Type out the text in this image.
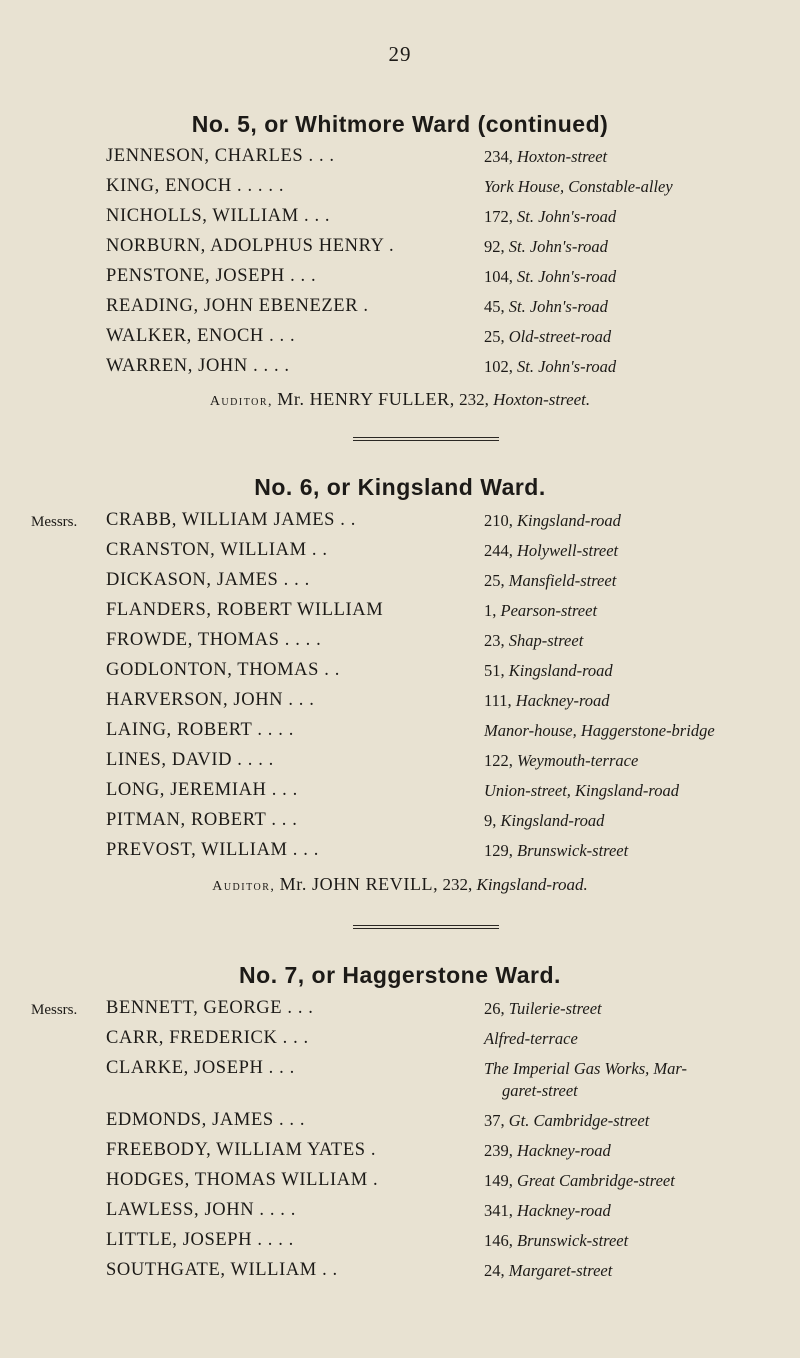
29
No. 5, or Whitmore Ward (continued)
JENNESON, CHARLES . . .	234, Hoxton-street
KING, ENOCH . . . . .	York House, Constable-alley
NICHOLLS, WILLIAM . . .	172, St. John's-road
NORBURN, ADOLPHUS HENRY .	92, St. John's-road
PENSTONE, JOSEPH . . .	104, St. John's-road
READING, JOHN EBENEZER .	45, St. John's-road
WALKER, ENOCH . . .	25, Old-street-road
WARREN, JOHN . . . .	102, St. John's-road
Auditor, Mr. HENRY FULLER, 232, Hoxton-street.
No. 6, or Kingsland Ward.
Messrs. CRABB, WILLIAM JAMES . .	210, Kingsland-road
CRANSTON, WILLIAM . .	244, Holywell-street
DICKASON, JAMES . . .	25, Mansfield-street
FLANDERS, ROBERT WILLIAM	1, Pearson-street
FROWDE, THOMAS . . . .	23, Shap-street
GODLONTON, THOMAS . .	51, Kingsland-road
HARVERSON, JOHN . . .	111, Hackney-road
LAING, ROBERT . . . .	Manor-house, Haggerstone-bridge
LINES, DAVID . . . .	122, Weymouth-terrace
LONG, JEREMIAH . . .	Union-street, Kingsland-road
PITMAN, ROBERT . . .	9, Kingsland-road
PREVOST, WILLIAM . . .	129, Brunswick-street
Auditor, Mr. JOHN REVILL, 232, Kingsland-road.
No. 7, or Haggerstone Ward.
Messrs. BENNETT, GEORGE . . .	26, Tuilerie-street
CARR, FREDERICK . . .	Alfred-terrace
CLARKE, JOSEPH . . .	The Imperial Gas Works, Mar-
garet-street
EDMONDS, JAMES . . .	37, Gt. Cambridge-street
FREEBODY, WILLIAM YATES .	239, Hackney-road
HODGES, THOMAS WILLIAM .	149, Great Cambridge-street
LAWLESS, JOHN . . . .	341, Hackney-road
LITTLE, JOSEPH . . . .	146, Brunswick-street
SOUTHGATE, WILLIAM . .	24, Margaret-street
